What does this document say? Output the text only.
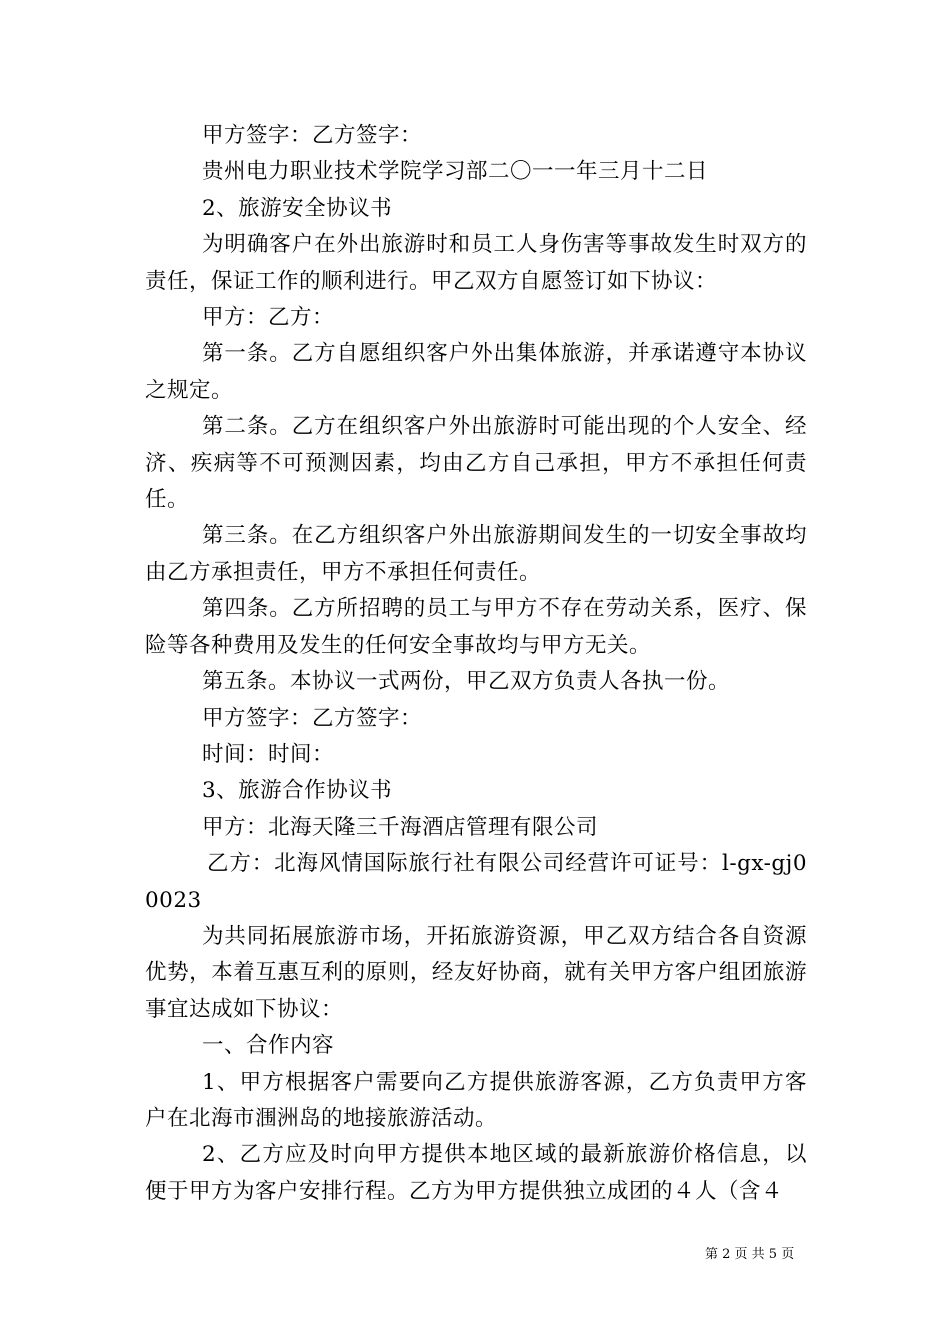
甲方签字：乙方签字：

贵州电力职业技术学院学习部二〇一一年三月十二日

2、旅游安全协议书

为明确客户在外出旅游时和员工人身伤害等事故发生时双方的责任，保证工作的顺利进行。甲乙双方自愿签订如下协议：

甲方：乙方：

第一条。乙方自愿组织客户外出集体旅游，并承诺遵守本协议之规定。

第二条。乙方在组织客户外出旅游时可能出现的个人安全、经济、疾病等不可预测因素，均由乙方自己承担，甲方不承担任何责任。

第三条。在乙方组织客户外出旅游期间发生的一切安全事故均由乙方承担责任，甲方不承担任何责任。

第四条。乙方所招聘的员工与甲方不存在劳动关系，医疗、保险等各种费用及发生的任何安全事故均与甲方无关。

第五条。本协议一式两份，甲乙双方负责人各执一份。

甲方签字：乙方签字：

时间：时间：

3、旅游合作协议书

甲方：北海天隆三千海酒店管理有限公司

乙方：北海风情国际旅行社有限公司经营许可证号：l-gx-gj00023

为共同拓展旅游市场，开拓旅游资源，甲乙双方结合各自资源优势，本着互惠互利的原则，经友好协商，就有关甲方客户组团旅游事宜达成如下协议：

一、合作内容

1、甲方根据客户需要向乙方提供旅游客源，乙方负责甲方客户在北海市涠洲岛的地接旅游活动。

2、乙方应及时向甲方提供本地区域的最新旅游价格信息，以便于甲方为客户安排行程。乙方为甲方提供独立成团的４人（含４

第 2 页 共 5 页
